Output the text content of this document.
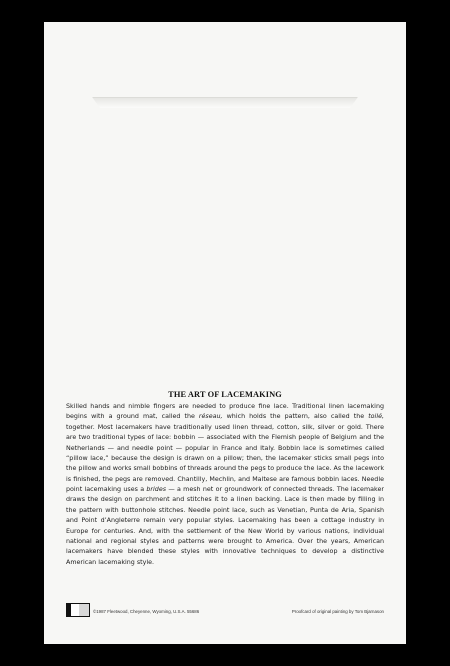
THE ART OF LACEMAKING

Skilled hands and nimble fingers are needed to produce fine lace. Traditional linen lacemaking begins with a ground mat, called the réseau, which holds the pattern, also called the toilé, together. Most lacemakers have traditionally used linen thread, cotton, silk, silver or gold. There are two traditional types of lace: bobbin — associated with the Flemish people of Belgium and the Netherlands — and needle point — popular in France and Italy. Bobbin lace is sometimes called “pillow lace,” because the design is drawn on a pillow; then, the lacemaker sticks small pegs into the pillow and works small bobbins of threads around the pegs to produce the lace. As the lacework is finished, the pegs are removed. Chantilly, Mechlin, and Maltese are famous bobbin laces. Needle point lacemaking uses a brides — a mesh net or groundwork of connected threads. The lacemaker draws the design on parchment and stitches it to a linen backing. Lace is then made by filling in the pattern with buttonhole stitches. Needle point lace, such as Venetian, Punta de Aria, Spanish and Point d’Angleterre remain very popular styles. Lacemaking has been a cottage industry in Europe for centuries. And, with the settlement of the New World by various nations, individual national and regional styles and patterns were brought to America. Over the years, American lacemakers have blended these styles with innovative techniques to develop a distinctive American lacemaking style.

©1987 Fleetwood, Cheyenne, Wyoming, U.S.A. 55686	Proofcard of original painting by Tom Bjarnason
